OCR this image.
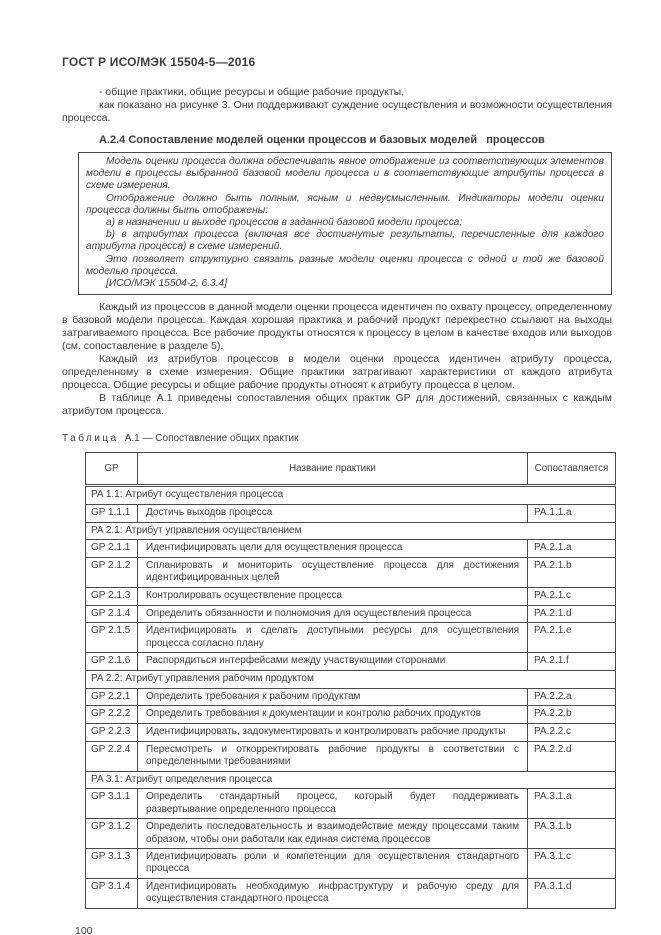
ГОСТ Р ИСО/МЭК 15504-5—2016

- общие практики, общие ресурсы и общие рабочие продукты,

как показано на рисунке 3. Они поддерживают суждение осуществления и возможности осуществления процесса.

А.2.4 Сопоставление моделей оценки процессов и базовых моделей   процессов

Модель оценки процесса должна обеспечивать явное отображение из соответствующих элементов модели в процессы выбранной базовой модели процесса и в соответствующие атрибуты процесса в схеме измерения.

Отображение должно быть полным, ясным и недвусмысленным. Индикаторы модели оценки процесса должны быть отображены:

a) в назначении и выходе процессов в заданной базовой модели процесса;

b) в атрибутах процесса (включая все достигнутые результаты, перечисленные для каждого атрибута процесса) в схеме измерений.

Это позволяет структурно связать разные модели оценки процесса с одной и той же базовой моделью процесса.

[ИСО/МЭК 15504-2, 6.3.4]

Каждый из процессов в данной модели оценки процесса идентичен по охвату процессу, определенному в базовой модели процесса. Каждая хорошая практика и рабочий продукт перекрестно ссылают на выходы затрагиваемого процесса. Все рабочие продукты относятся к процессу в целом в качестве входов или выходов (см. сопоставление в разделе 5).

Каждый из атрибутов процессов в модели оценки процесса идентичен атрибуту процесса, определенному в схеме измерения. Общие практики затрагивают характеристики от каждого атрибута процесса. Общие ресурсы и общие рабочие продукты относят к атрибуту процесса в целом.

В таблице А.1 приведены сопоставления общих практик GP для достижений, связанных с каждым атрибутом процесса.

Таблица А.1 — Сопоставление общих практик

GP	Название практики	Сопоставляется
PA 1.1: Атрибут осуществления процесса		
GP 1.1.1	Достичь выходов процесса	PA.1.1.a
PA 2.1: Атрибут управления осуществлением		
GP 2.1.1	Идентифицировать цели для осуществления процесса	PA.2.1.a
GP 2.1.2	Спланировать и мониторить осуществление процесса для достижения идентифицированных целей	PA.2.1.b
GP 2.1.3	Контролировать осуществление процесса	PA.2.1.c
GP 2.1.4	Определить обязанности и полномочия для осуществления процесса	PA.2.1.d
GP 2.1.5	Идентифицировать и сделать доступными ресурсы для осуществления процесса согласно плану	PA.2.1.e
GP 2.1.6	Распорядиться интерфейсами между участвующими сторонами	PA.2.1.f
PA 2.2: Атрибут управления рабочим продуктом		
GP 2.2.1	Определить требования к рабочим продуктам	PA.2.2.a
GP 2.2.2	Определить требования к документации и контролю рабочих продуктов	PA.2.2.b
GP 2.2.3	Идентифицировать, задокументировать и контролировать рабочие продукты	PA.2.2.c
GP 2.2.4	Пересмотреть и откорректировать рабочие продукты в соответствии с определенными требованиями	PA.2.2.d
PA 3.1: Атрибут определения процесса		
GP 3.1.1	Определить стандартный процесс, который будет поддерживать развертывание определенного процесса	PA.3.1.a
GP 3.1.2	Определить последовательность и взаимодействие между процессами таким образом, чтобы они работали как единая система процессов	PA.3.1.b
GP 3.1.3	Идентифицировать роли и компетенции для осуществления стандартного процесса	PA.3.1.c
GP 3.1.4	Идентифицировать необходимую инфраструктуру и рабочую среду для осуществления стандартного процесса	PA.3.1.d
100
